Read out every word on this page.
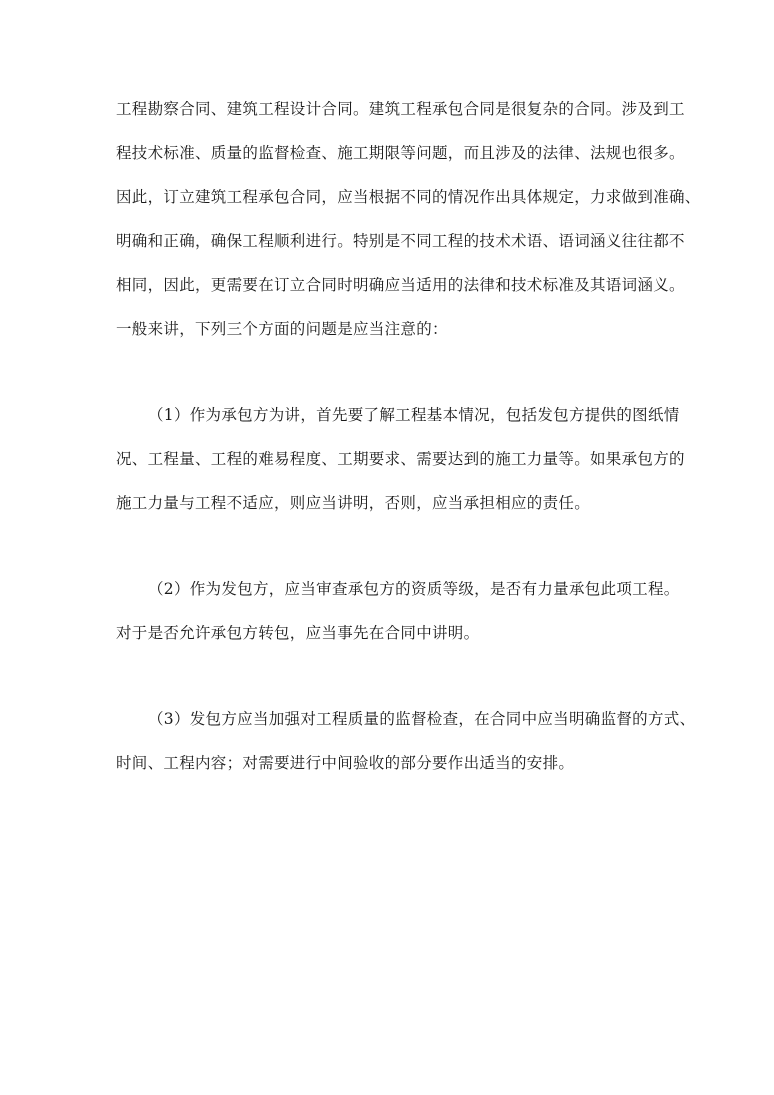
工程勘察合同、建筑工程设计合同。建筑工程承包合同是很复杂的合同。涉及到工

程技术标准、质量的监督检查、施工期限等问题，而且涉及的法律、法规也很多。

因此，订立建筑工程承包合同，应当根据不同的情况作出具体规定，力求做到准确、

明确和正确，确保工程顺利进行。特别是不同工程的技术术语、语词涵义往往都不

相同，因此，更需要在订立合同时明确应当适用的法律和技术标准及其语词涵义。

一般来讲，下列三个方面的问题是应当注意的：

（1）作为承包方为讲，首先要了解工程基本情况，包括发包方提供的图纸情

况、工程量、工程的难易程度、工期要求、需要达到的施工力量等。如果承包方的

施工力量与工程不适应，则应当讲明，否则，应当承担相应的责任。

（2）作为发包方，应当审查承包方的资质等级，是否有力量承包此项工程。

对于是否允许承包方转包，应当事先在合同中讲明。

（3）发包方应当加强对工程质量的监督检查，在合同中应当明确监督的方式、

时间、工程内容；对需要进行中间验收的部分要作出适当的安排。
